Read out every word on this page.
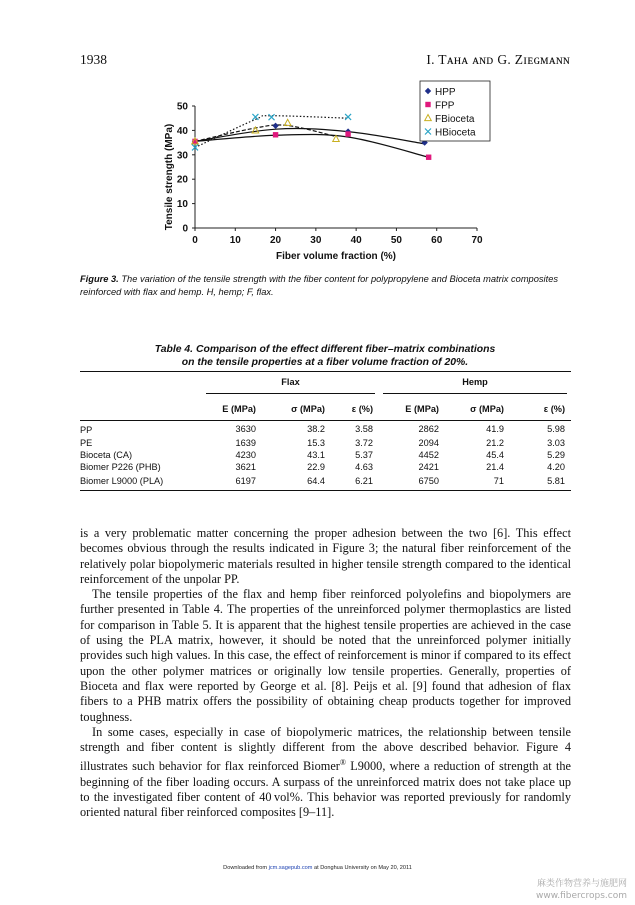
1938	I. Tᴀʜᴀ ᴀɴᴅ G. Zɪᴇɢᴍᴀɴɴ
0	10	20	30	40	50	60	70
0
10
20
30
40
50
Fiber volume fraction (%)
Tensile strength (MPa)
HPP
FPP
FBioceta
HBioceta
Figure 3. The variation of the tensile strength with the fiber content for polypropylene and Bioceta matrix composites reinforced with flax and hemp. H, hemp; F, flax.
Table 4. Comparison of the effect different fiber–matrix combinations
on the tensile properties at a fiber volume fraction of 20%.

	Flax			Hemp		

	E (MPa)	σ (MPa)	ε (%)	E (MPa)	σ (MPa)	ε (%)
PP	3630	38.2	3.58	2862	41.9	5.98
PE	1639	15.3	3.72	2094	21.2	3.03
Bioceta (CA)	4230	43.1	5.37	4452	45.4	5.29
Biomer P226 (PHB)	3621	22.9	4.63	2421	21.4	4.20
Biomer L9000 (PLA)	6197	64.4	6.21	6750	71	5.81

is a very problematic matter concerning the proper adhesion between the two [6]. This effect becomes obvious through the results indicated in Figure 3; the natural fiber reinforcement of the relatively polar biopolymeric materials resulted in higher tensile strength compared to the identical reinforcement of the unpolar PP.

The tensile properties of the flax and hemp fiber reinforced polyolefins and biopolymers are further presented in Table 4. The properties of the unreinforced polymer thermoplastics are listed for comparison in Table 5. It is apparent that the highest tensile properties are achieved in the case of using the PLA matrix, however, it should be noted that the unreinforced polymer initially provides such high values. In this case, the effect of reinforcement is minor if compared to its effect upon the other polymer matrices or originally low tensile properties. Generally, properties of Bioceta and flax were reported by George et al. [8]. Peijs et al. [9] found that adhesion of flax fibers to a PHB matrix offers the possibility of obtaining cheap products together for improved toughness.

In some cases, especially in case of biopolymeric matrices, the relationship between tensile strength and fiber content is slightly different from the above described behavior. Figure 4 illustrates such behavior for flax reinforced Biomer® L9000, where a reduction of strength at the beginning of the fiber loading occurs. A surpass of the unreinforced matrix does not take place up to the investigated fiber content of 40 vol%. This behavior was reported previously for randomly oriented natural fiber reinforced composites [9–11].

Downloaded from jcm.sagepub.com at Donghua University on May 20, 2011
麻类作物营养与施肥网
www.fibercrops.com
